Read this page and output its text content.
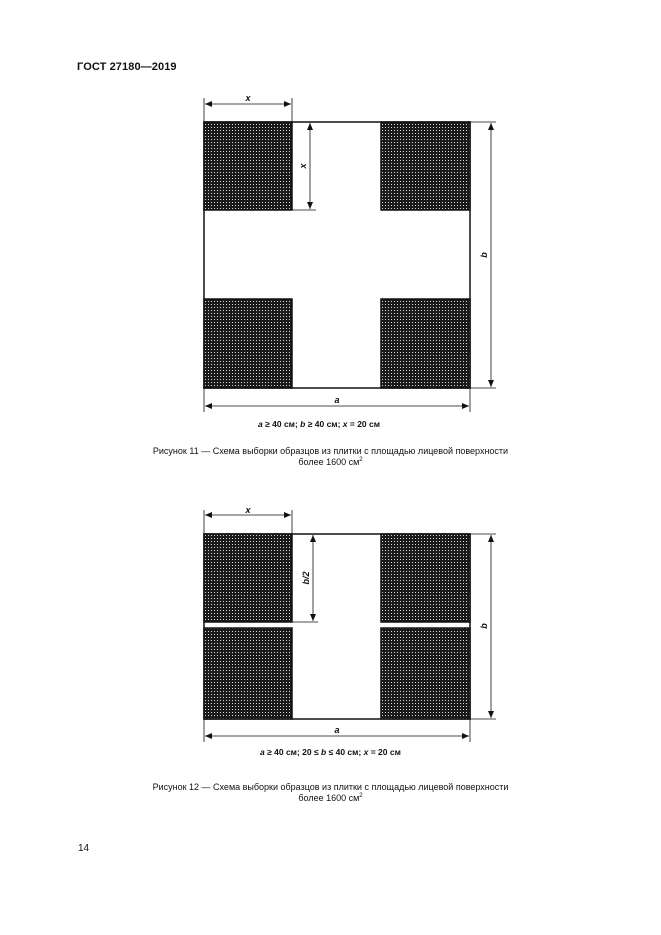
ГОСТ 27180—2019
x
x
b
a
a ≥ 40 см; b ≥ 40 см; x = 20 см
Рисунок 11 — Схема выборки образцов из плитки с площадью лицевой поверхности
более 1600 $см^2$
x
b/2
b
a
a ≥ 40 см; 20 ≤ b ≤ 40 см; x = 20 см
Рисунок 12 — Схема выборки образцов из плитки с площадью лицевой поверхности
более 1600 $см^2$
14
